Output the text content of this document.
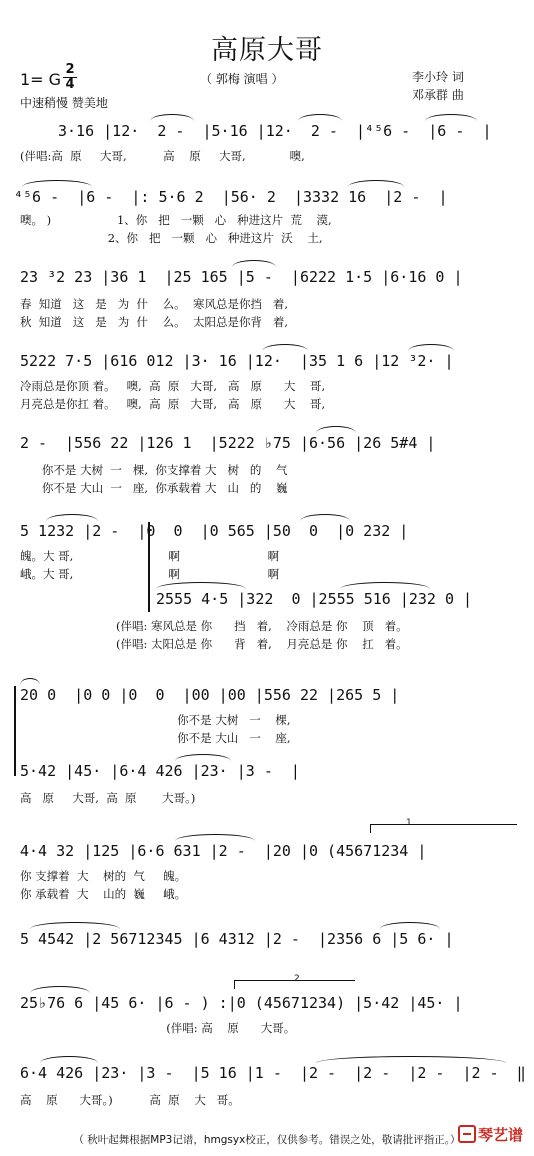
高原大哥
1= G
2
4	（ 郭梅 演唱 ）	李小玲 词
邓承群 曲
中速稍慢 赞美地
3·16 |12·  2 -  |5·16 |12·  2 -  |⁴⁵6 -  |6 -  |
(伴唱:高  原     大哥,          高    原     大哥,            噢,
⁴⁵6 -  |6 -  |: 5·6 2  |56· 2  |3332 16  |2 -  |
噢。 )                  1、你   把   一颗   心   种进这片  荒    漠,
2、你   把   一颗   心   种进这片  沃    土,
23 ³2 23 |36 1  |25 165 |5 -  |6222 1·5 |6·16 0 |
春  知道   这   是   为  什    么。  寒风总是你挡   着,
秋  知道   这   是   为  什    么。  太阳总是你背   着,
5222 7·5 |616 012 |3· 16 |12·  |35 1 6 |12 ³2· |
冷雨总是你顶 着。   噢,  高  原   大哥,   高   原      大    哥,
月亮总是你扛 着。   噢,  高  原   大哥,   高   原      大    哥,
2 -  |556 22 |126 1  |5222 ♭75 |6·56 |26 5#4 |
你不是 大树  一   棵,  你支撑着 大   树   的    气
你不是 大山  一   座,  你承载着 大   山   的    巍
5 1232 |2 -  |0  0  |0 565 |50  0  |0 232 |
魄。大 哥,                          啊                        啊
峨。大 哥,                          啊                        啊
2555 4·5 |322  0 |2555 516 |232 0 |
(伴唱: 寒风总是 你      挡   着,    冷雨总是 你    顶   着。
(伴唱: 太阳总是 你      背   着,    月亮总是 你    扛   着。
20 0  |0 0 |0  0  |00 |00 |556 22 |265 5 |
你不是 大树   一    棵,
你不是 大山   一    座,
5·42 |45· |6·4 426 |23· |3 -  |
高   原     大哥,  高  原       大哥。)
1
4·4 32 |125 |6·6 631 |2 -  |20 |0 (45671234 |
你 支撑着  大    树的  气     魄。
你 承载着  大    山的  巍     峨。
5 4542 |2 56712345 |6 4312 |2 -  |2356 6 |5 6· |
2
25♭76 6 |45 6· |6 - ) :|0 (45671234) |5·42 |45· |
(伴唱: 高    原      大哥。
6·4 426 |23· |3 -  |5 16 |1 -  |2 -  |2 -  |2 -  |2 -  ‖
高    原      大哥。)          高  原    大   哥。
（ 秋叶起舞根据MP3记谱，hmgsyx校正，仅供参考。错误之处，敬请批评指正。）	琴艺谱
